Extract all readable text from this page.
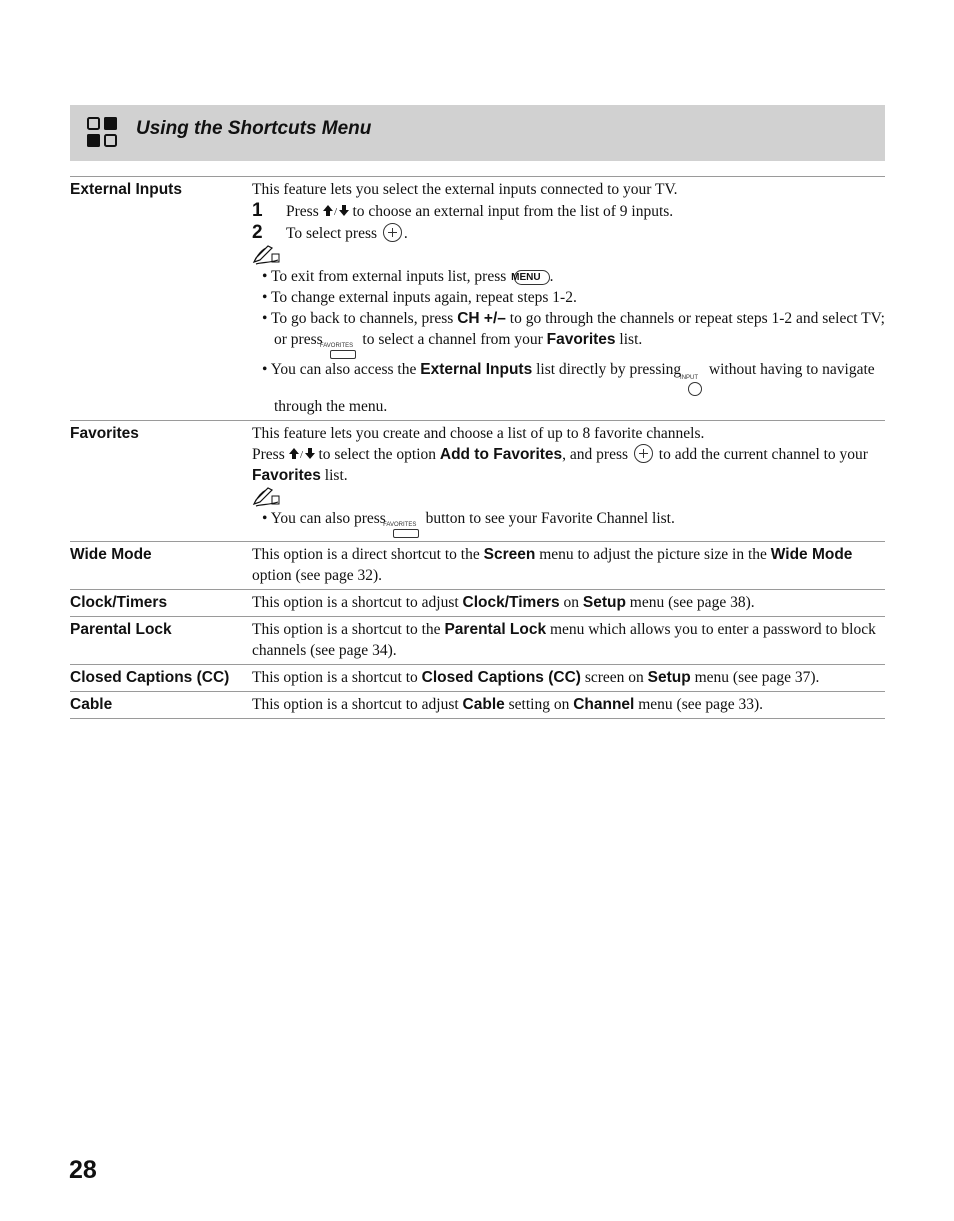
Using the Shortcuts Menu
External Inputs	This feature lets you select the external inputs connected to your TV.
1	Press / to choose an external input from the list of 9 inputs.
2	To select press .
• To exit from external inputs list, press MENU .
• To change external inputs again, repeat steps 1-2.
• To go back to channels, press CH +/– to go through the channels or repeat steps 1-2 and select TV; or press
FAVORITES to select a channel from your Favorites list.
• You can also access the External Inputs list directly by pressing
INPUT without having to navigate through the menu.
Favorites	This feature lets you create and choose a list of up to 8 favorite channels.
Press / to select the option Add to Favorites, and press  to add the current channel to your Favorites list.
• You can also press
FAVORITES button to see your Favorite Channel list.
Wide Mode	This option is a direct shortcut to the Screen menu to adjust the picture size in the Wide Mode option (see page 32).
Clock/Timers	This option is a shortcut to adjust Clock/Timers on Setup menu (see page 38).
Parental Lock	This option is a shortcut to the Parental Lock menu which allows you to enter a password to block channels (see page 34).
Closed Captions (CC)	This option is a shortcut to Closed Captions (CC) screen on Setup menu (see page 37).
Cable	This option is a shortcut to adjust Cable setting on Channel menu (see page 33).
28
